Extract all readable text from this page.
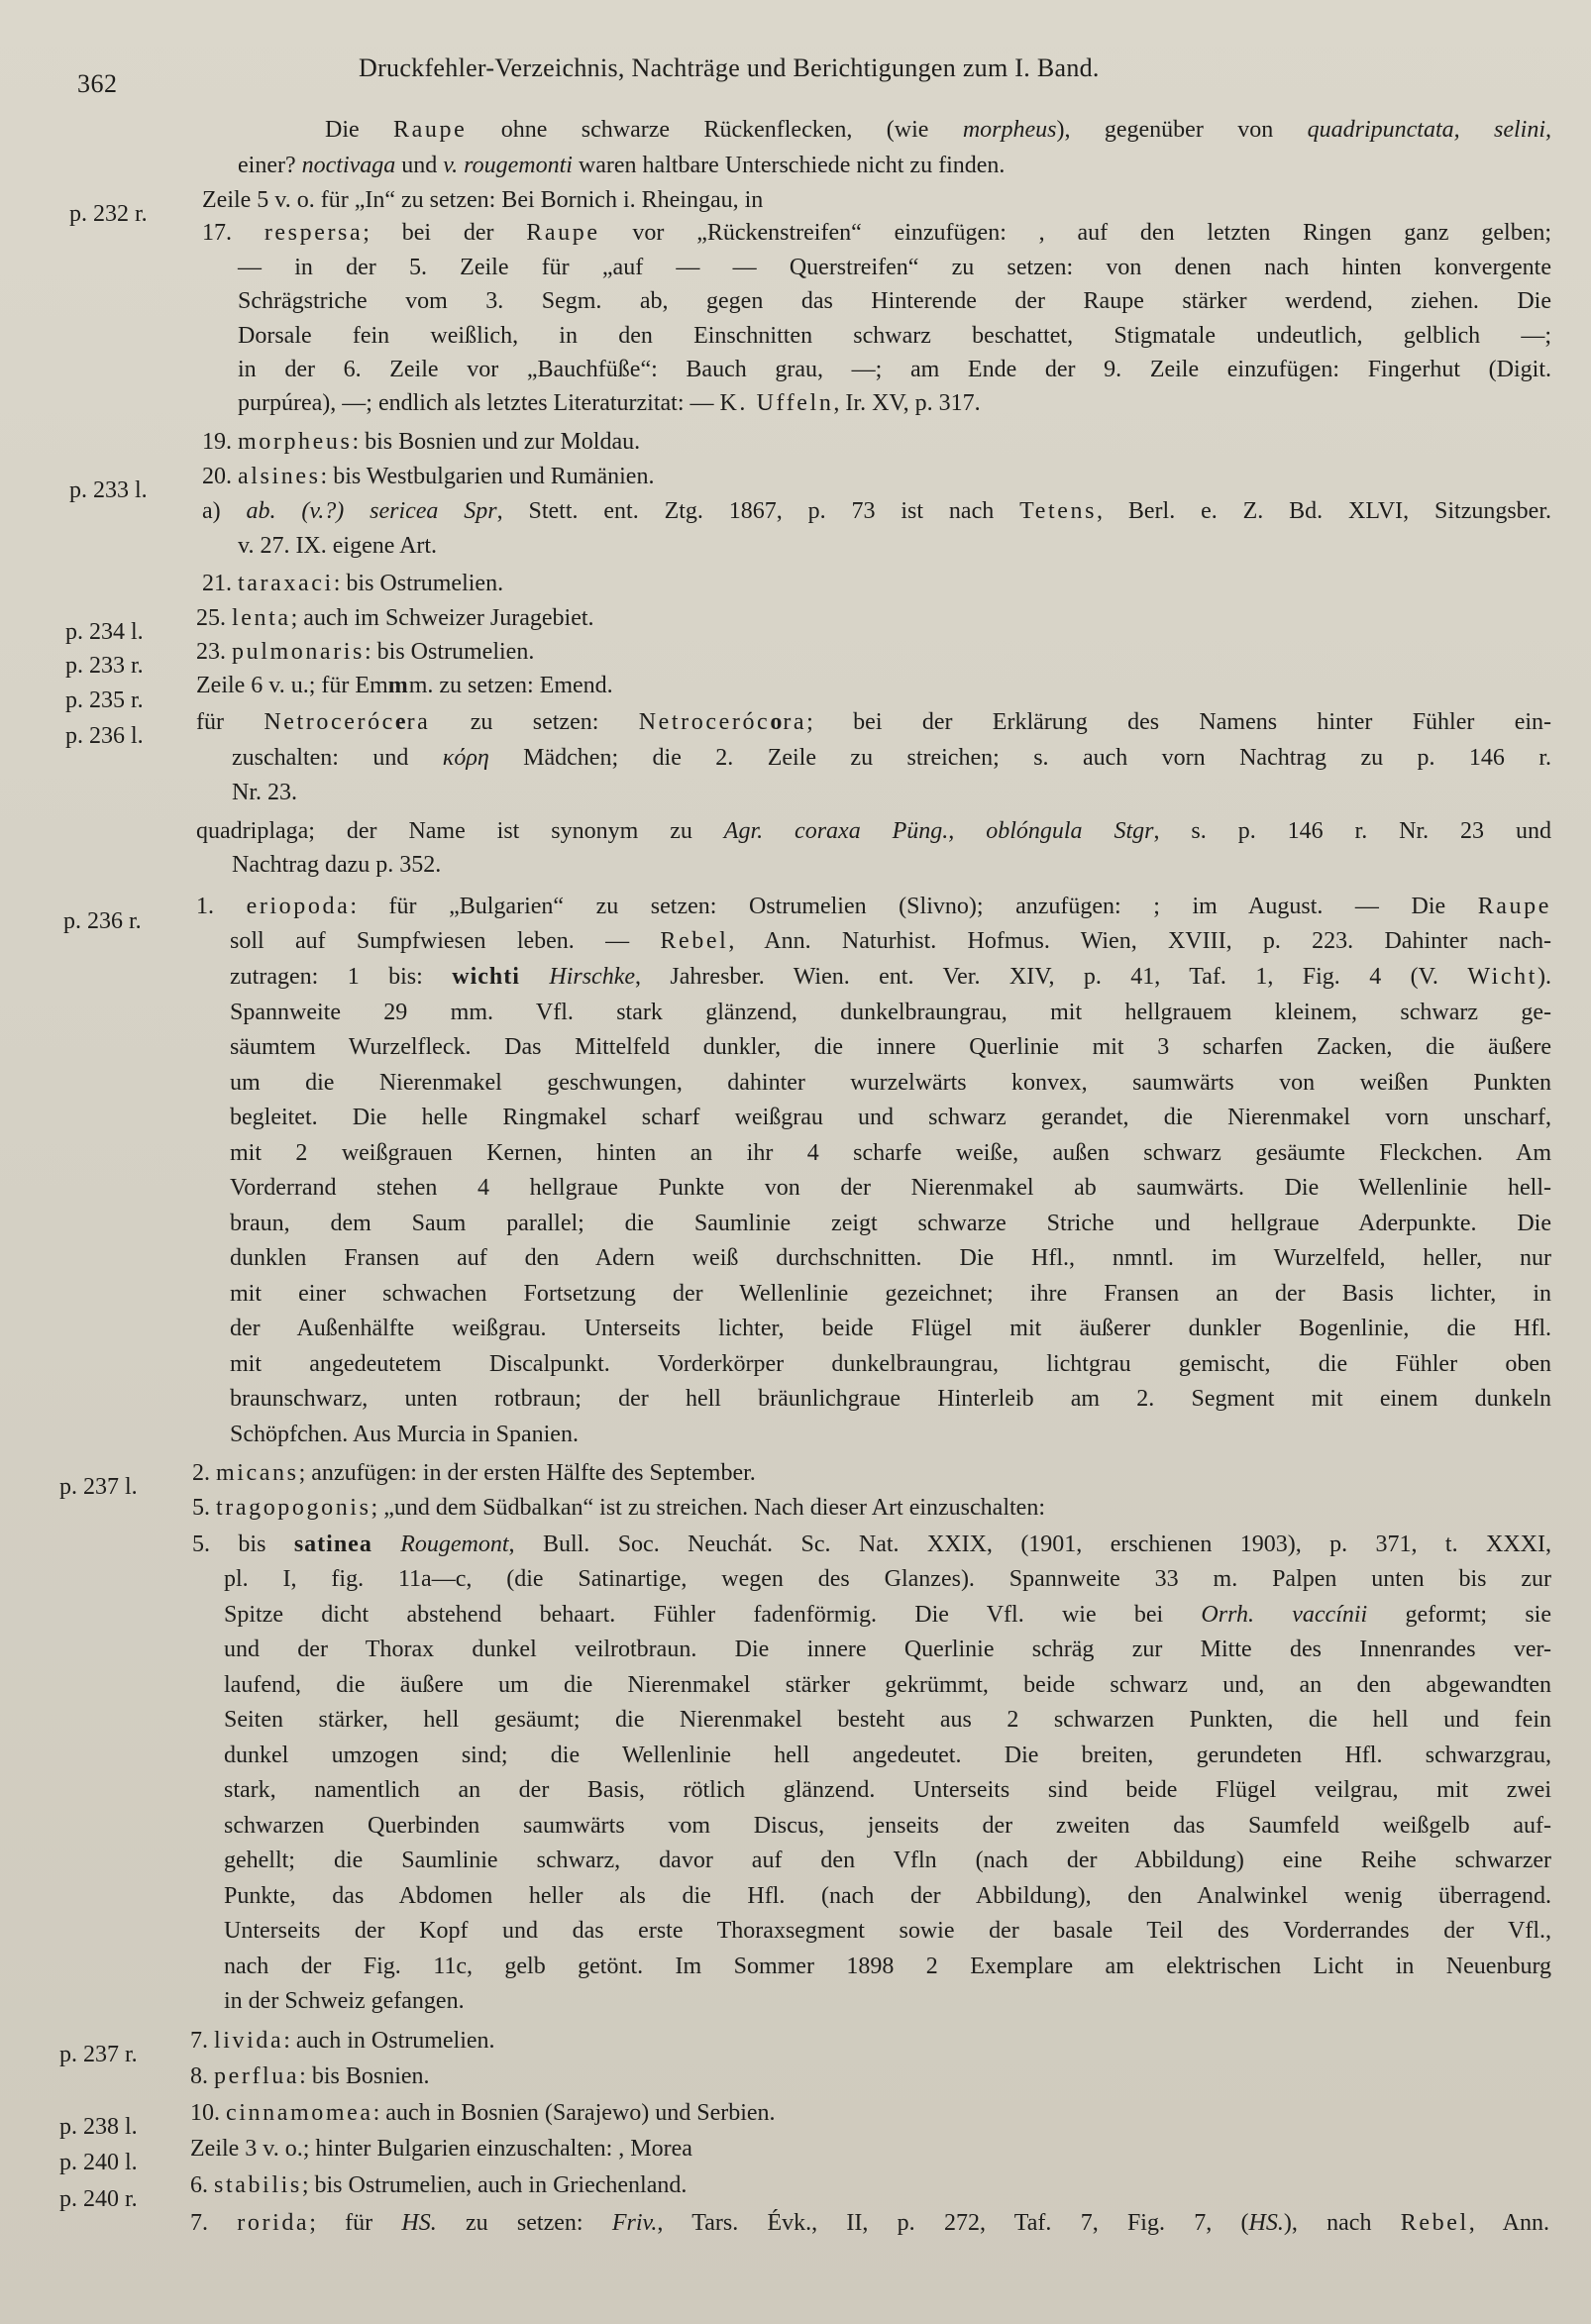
362
Druckfehler-Verzeichnis, Nachträge und Berichtigungen zum I. Band.
Die Raupe ohne schwarze Rückenflecken, (wie morpheus), gegenüber von quadripunctata, selini,
einer? noctivaga und v. rougemonti waren haltbare Unterschiede nicht zu finden.
p. 232 r.
Zeile 5 v. o. für „In“ zu setzen: Bei Bornich i. Rheingau, in
17. respersa; bei der Raupe vor „Rückenstreifen“ einzufügen: , auf den letzten Ringen ganz gelben;
— in der 5. Zeile für „auf — — Querstreifen“ zu setzen: von denen nach hinten konvergente
Schrägstriche vom 3. Segm. ab, gegen das Hinterende der Raupe stärker werdend, ziehen. Die
Dorsale fein weißlich, in den Einschnitten schwarz beschattet, Stigmatale undeutlich, gelblich —;
in der 6. Zeile vor „Bauchfüße“: Bauch grau, —; am Ende der 9. Zeile einzufügen: Fingerhut (Digit.
purpúrea), —; endlich als letztes Literaturzitat: — K. Uffeln, Ir. XV, p. 317.
19. morpheus: bis Bosnien und zur Moldau.
p. 233 l.
20. alsines: bis Westbulgarien und Rumänien.
a) ab. (v.?) sericea Spr, Stett. ent. Ztg. 1867, p. 73 ist nach Tetens, Berl. e. Z. Bd. XLVI, Sitzungsber.
v. 27. IX. eigene Art.
21. taraxaci: bis Ostrumelien.
p. 234 l.
25. lenta; auch im Schweizer Juragebiet.
p. 233 r.
23. pulmonaris: bis Ostrumelien.
p. 235 r.
Zeile 6 v. u.; für Emmm. zu setzen: Emend.
p. 236 l.
für Netrocerócera zu setzen: Netrocerócora; bei der Erklärung des Namens hinter Fühler ein-
zuschalten: und κόρη Mädchen; die 2. Zeile zu streichen; s. auch vorn Nachtrag zu p. 146 r.
Nr. 23.
quadriplaga; der Name ist synonym zu Agr. coraxa Püng., oblóngula Stgr, s. p. 146 r. Nr. 23 und
Nachtrag dazu p. 352.
p. 236 r.
1. eriopoda: für „Bulgarien“ zu setzen: Ostrumelien (Slivno); anzufügen: ; im August. — Die Raupe
soll auf Sumpfwiesen leben. — Rebel, Ann. Naturhist. Hofmus. Wien, XVIII, p. 223. Dahinter nach-
zutragen: 1 bis: wichti Hirschke, Jahresber. Wien. ent. Ver. XIV, p. 41, Taf. 1, Fig. 4 (V. Wicht).
Spannweite 29 mm. Vfl. stark glänzend, dunkelbraungrau, mit hellgrauem kleinem, schwarz ge-
säumtem Wurzelfleck. Das Mittelfeld dunkler, die innere Querlinie mit 3 scharfen Zacken, die äußere
um die Nierenmakel geschwungen, dahinter wurzelwärts konvex, saumwärts von weißen Punkten
begleitet. Die helle Ringmakel scharf weißgrau und schwarz gerandet, die Nierenmakel vorn unscharf,
mit 2 weißgrauen Kernen, hinten an ihr 4 scharfe weiße, außen schwarz gesäumte Fleckchen. Am
Vorderrand stehen 4 hellgraue Punkte von der Nierenmakel ab saumwärts. Die Wellenlinie hell-
braun, dem Saum parallel; die Saumlinie zeigt schwarze Striche und hellgraue Aderpunkte. Die
dunklen Fransen auf den Adern weiß durchschnitten. Die Hfl., nmntl. im Wurzelfeld, heller, nur
mit einer schwachen Fortsetzung der Wellenlinie gezeichnet; ihre Fransen an der Basis lichter, in
der Außenhälfte weißgrau. Unterseits lichter, beide Flügel mit äußerer dunkler Bogenlinie, die Hfl.
mit angedeutetem Discalpunkt. Vorderkörper dunkelbraungrau, lichtgrau gemischt, die Fühler oben
braunschwarz, unten rotbraun; der hell bräunlichgraue Hinterleib am 2. Segment mit einem dunkeln
Schöpfchen. Aus Murcia in Spanien.
p. 237 l.
2. micans; anzufügen: in der ersten Hälfte des September.
5. tragopogonis; „und dem Südbalkan“ ist zu streichen. Nach dieser Art einzuschalten:
5. bis satinea Rougemont, Bull. Soc. Neuchát. Sc. Nat. XXIX, (1901, erschienen 1903), p. 371, t. XXXI,
pl. I, fig. 11a—c, (die Satinartige, wegen des Glanzes). Spannweite 33 m. Palpen unten bis zur
Spitze dicht abstehend behaart. Fühler fadenförmig. Die Vfl. wie bei Orrh. vaccínii geformt; sie
und der Thorax dunkel veilrotbraun. Die innere Querlinie schräg zur Mitte des Innenrandes ver-
laufend, die äußere um die Nierenmakel stärker gekrümmt, beide schwarz und, an den abgewandten
Seiten stärker, hell gesäumt; die Nierenmakel besteht aus 2 schwarzen Punkten, die hell und fein
dunkel umzogen sind; die Wellenlinie hell angedeutet. Die breiten, gerundeten Hfl. schwarzgrau,
stark, namentlich an der Basis, rötlich glänzend. Unterseits sind beide Flügel veilgrau, mit zwei
schwarzen Querbinden saumwärts vom Discus, jenseits der zweiten das Saumfeld weißgelb auf-
gehellt; die Saumlinie schwarz, davor auf den Vfln (nach der Abbildung) eine Reihe schwarzer
Punkte, das Abdomen heller als die Hfl. (nach der Abbildung), den Analwinkel wenig überragend.
Unterseits der Kopf und das erste Thoraxsegment sowie der basale Teil des Vorderrandes der Vfl.,
nach der Fig. 11c, gelb getönt. Im Sommer 1898 2 Exemplare am elektrischen Licht in Neuenburg
in der Schweiz gefangen.
p. 237 r.
7. livida: auch in Ostrumelien.
8. perflua: bis Bosnien.
p. 238 l.
10. cinnamomea: auch in Bosnien (Sarajewo) und Serbien.
p. 240 l.
Zeile 3 v. o.; hinter Bulgarien einzuschalten: , Morea
p. 240 r.
6. stabilis; bis Ostrumelien, auch in Griechenland.
7. rorida; für HS. zu setzen: Friv., Tars. Évk., II, p. 272, Taf. 7, Fig. 7, (HS.), nach Rebel, Ann.
